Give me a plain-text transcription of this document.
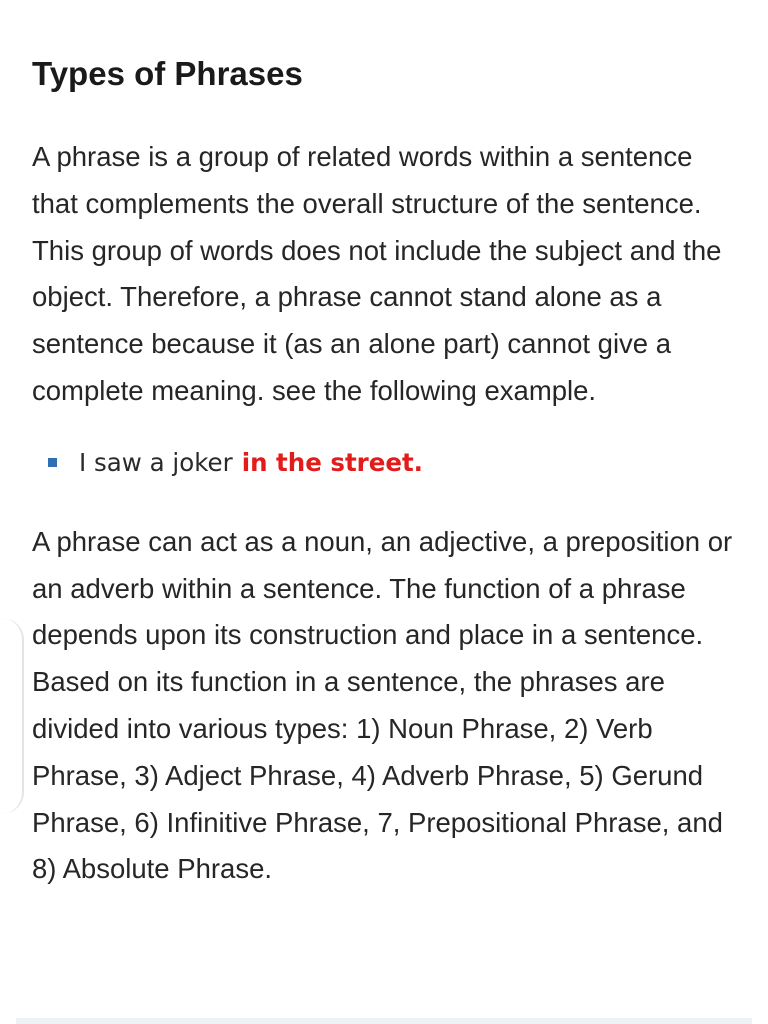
Types of Phrases

A phrase is a group of related words within a sentence that complements the overall structure of the sentence. This group of words does not include the subject and the object. Therefore, a phrase cannot stand alone as a sentence because it (as an alone part) cannot give a complete meaning. see the following example.

I saw a joker in the street.

A phrase can act as a noun, an adjective, a preposition or an adverb within a sentence. The function of a phrase depends upon its construction and place in a sentence. Based on its function in a sentence, the phrases are divided into various types: 1) Noun Phrase, 2) Verb Phrase, 3) Adject Phrase, 4) Adverb Phrase, 5) Gerund Phrase, 6) Infinitive Phrase, 7, Prepositional Phrase, and 8) Absolute Phrase.
